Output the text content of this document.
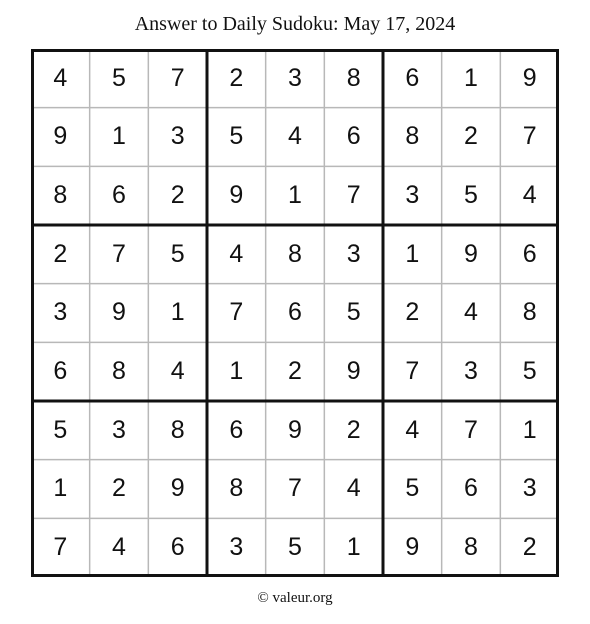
Answer to Daily Sudoku: May 17, 2024
4	5	7	2	3	8	6	1	9
9	1	3	5	4	6	8	2	7
8	6	2	9	1	7	3	5	4
2	7	5	4	8	3	1	9	6
3	9	1	7	6	5	2	4	8
6	8	4	1	2	9	7	3	5
5	3	8	6	9	2	4	7	1
1	2	9	8	7	4	5	6	3
7	4	6	3	5	1	9	8	2
© valeur.org
